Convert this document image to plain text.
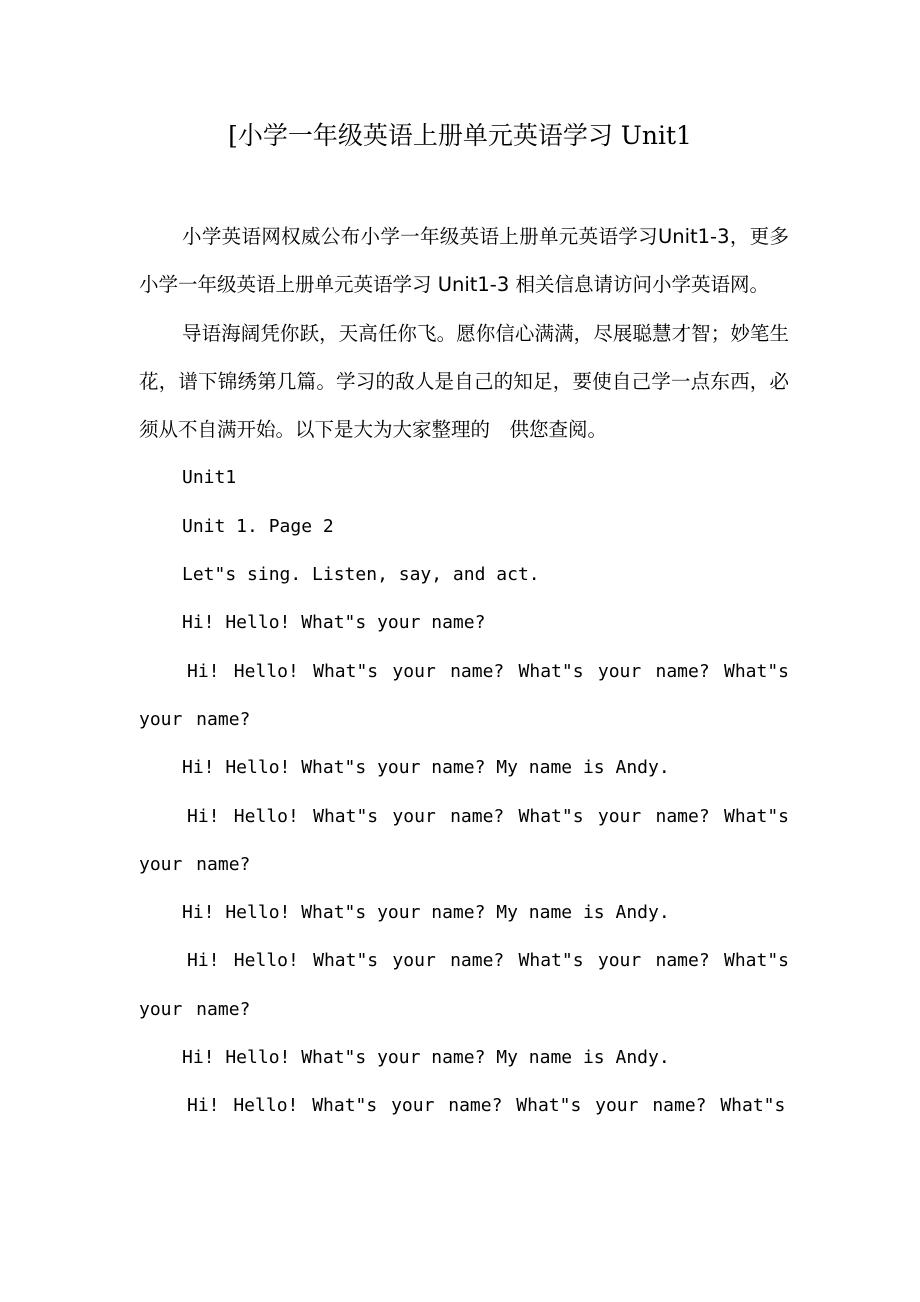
[小学一年级英语上册单元英语学习 Unit1

小学英语网权威公布小学一年级英语上册单元英语学习Unit1-3，更多小学一年级英语上册单元英语学习 Unit1-3 相关信息请访问小学英语网。

导语海阔凭你跃，天高任你飞。愿你信心满满，尽展聪慧才智；妙笔生花，谱下锦绣第几篇。学习的敌人是自己的知足，要使自己学一点东西，必须从不自满开始。以下是大为大家整理的　供您查阅。

Unit1

Unit 1. Page 2

Let"s sing. Listen, say, and act.

Hi! Hello! What"s your name?

Hi! Hello! What"s your name? What"s your name? What"s your name?

Hi! Hello! What"s your name? My name is Andy.

Hi! Hello! What"s your name? What"s your name? What"s your name?

Hi! Hello! What"s your name? My name is Andy.

Hi! Hello! What"s your name? What"s your name? What"s your name?

Hi! Hello! What"s your name? My name is Andy.

Hi! Hello! What"s your name? What"s your name? What"s
